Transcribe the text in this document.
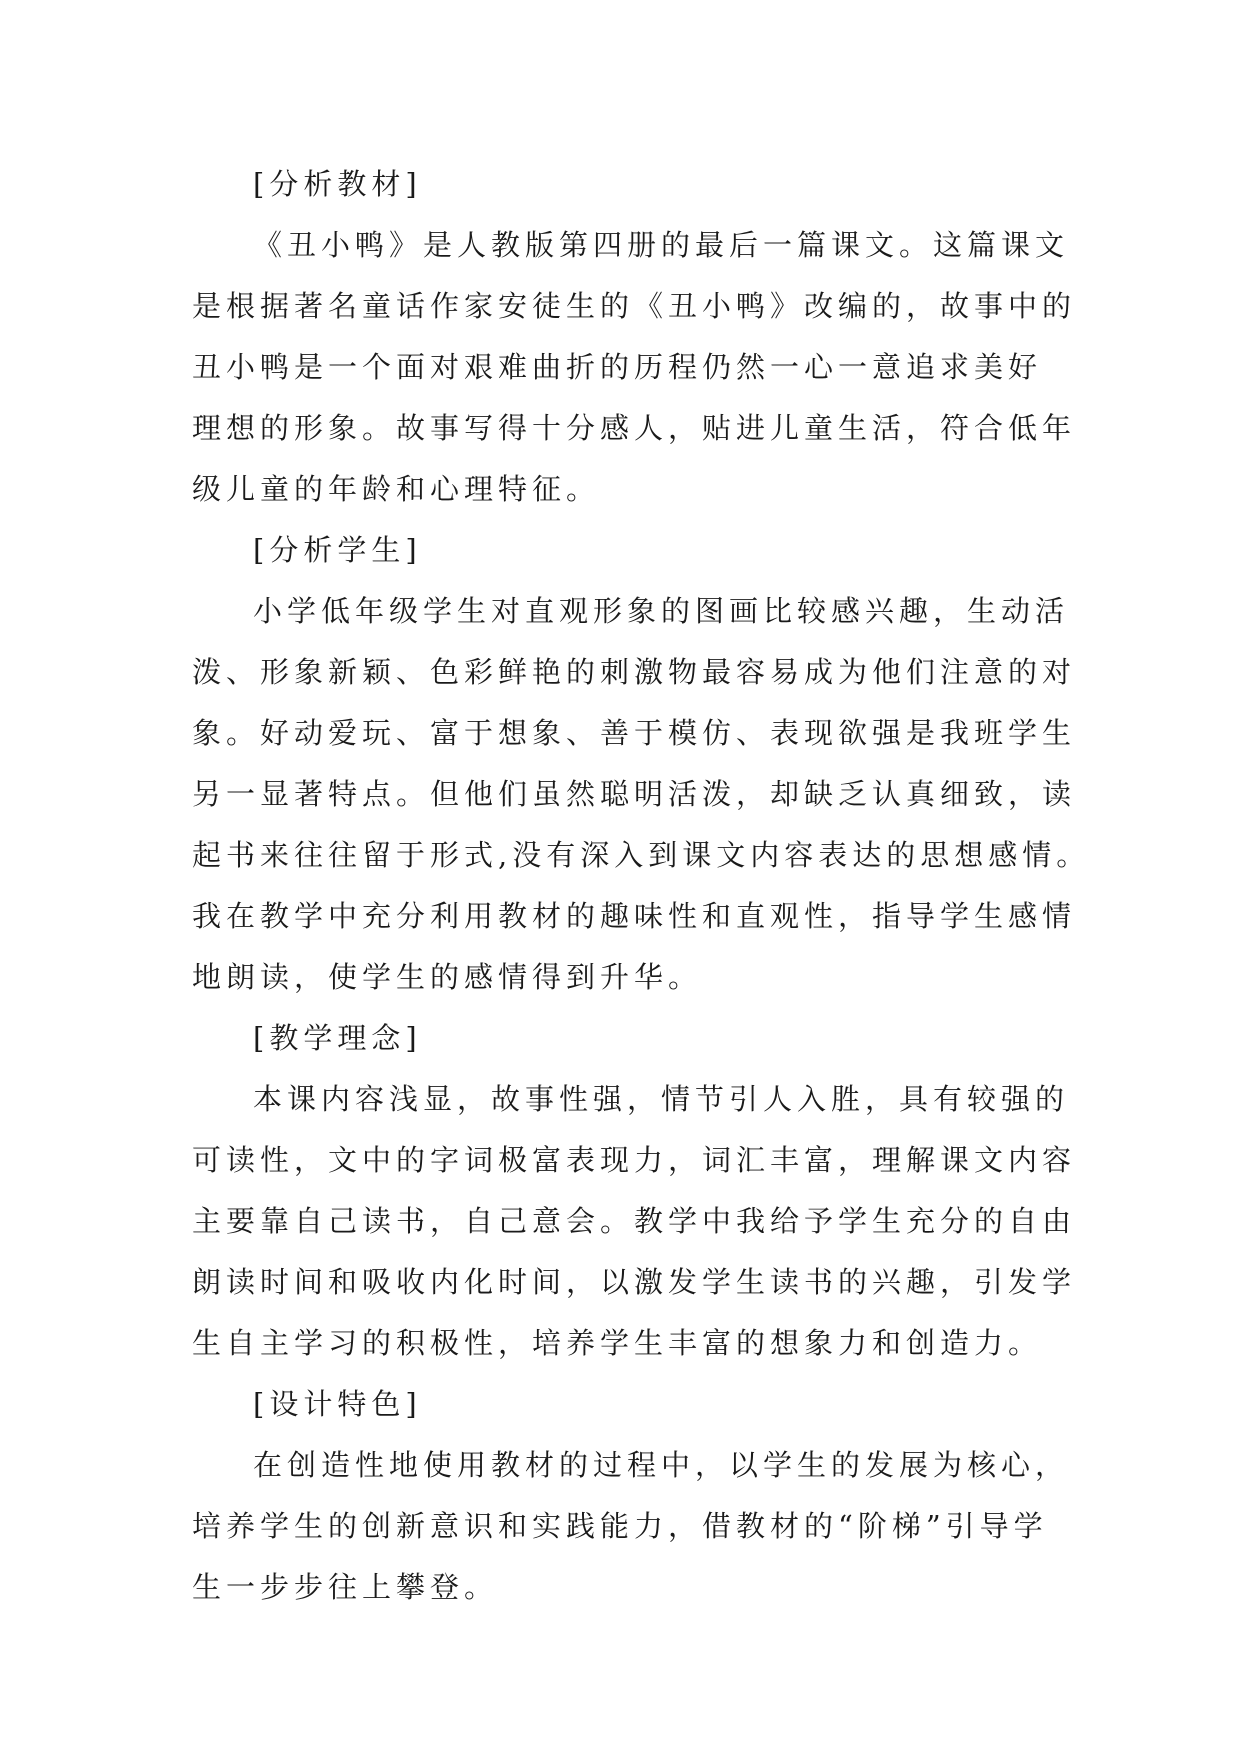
[分析教材]

《丑小鸭》是人教版第四册的最后一篇课文。这篇课文

是根据著名童话作家安徒生的《丑小鸭》改编的，故事中的

丑小鸭是一个面对艰难曲折的历程仍然一心一意追求美好

理想的形象。故事写得十分感人，贴进儿童生活，符合低年

级儿童的年龄和心理特征。

[分析学生]

小学低年级学生对直观形象的图画比较感兴趣，生动活

泼、形象新颖、色彩鲜艳的刺激物最容易成为他们注意的对

象。好动爱玩、富于想象、善于模仿、表现欲强是我班学生

另一显著特点。但他们虽然聪明活泼，却缺乏认真细致，读

起书来往往留于形式,没有深入到课文内容表达的思想感情。

我在教学中充分利用教材的趣味性和直观性，指导学生感情

地朗读，使学生的感情得到升华。

[教学理念]

本课内容浅显，故事性强，情节引人入胜，具有较强的

可读性，文中的字词极富表现力，词汇丰富，理解课文内容

主要靠自己读书，自己意会。教学中我给予学生充分的自由

朗读时间和吸收内化时间，以激发学生读书的兴趣，引发学

生自主学习的积极性，培养学生丰富的想象力和创造力。

[设计特色]

在创造性地使用教材的过程中，以学生的发展为核心，

培养学生的创新意识和实践能力，借教材的“阶梯”引导学

生一步步往上攀登。
